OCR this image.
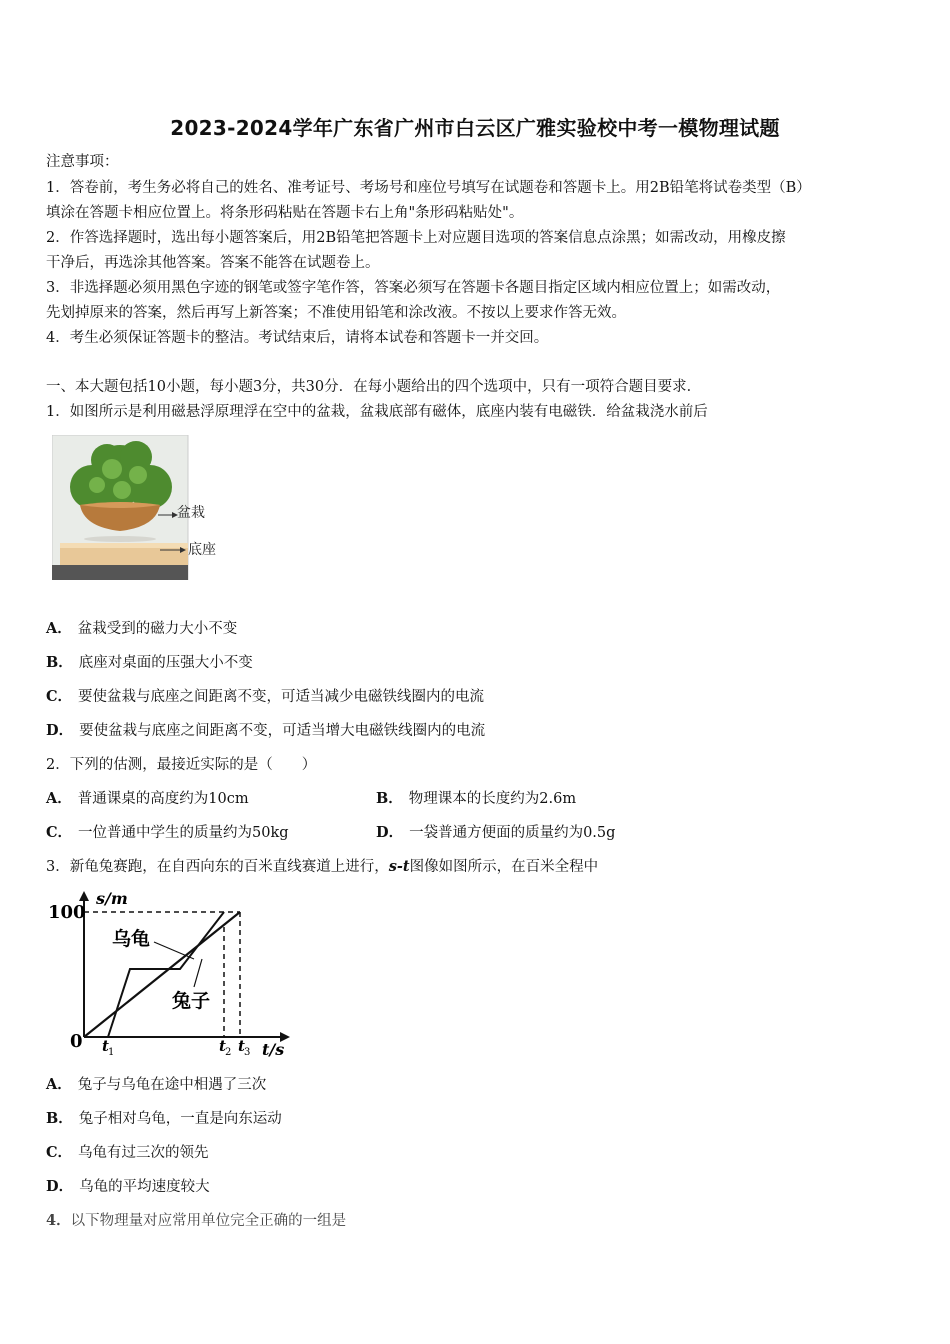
2023-2024学年广东省广州市白云区广雅实验校中考一模物理试题
注意事项：
1．答卷前，考生务必将自己的姓名、准考证号、考场号和座位号填写在试题卷和答题卡上。用2B铅笔将试卷类型（B）
填涂在答题卡相应位置上。将条形码粘贴在答题卡右上角"条形码粘贴处"。
2．作答选择题时，选出每小题答案后，用2B铅笔把答题卡上对应题目选项的答案信息点涂黑；如需改动，用橡皮擦
干净后，再选涂其他答案。答案不能答在试题卷上。
3．非选择题必须用黑色字迹的钢笔或签字笔作答，答案必须写在答题卡各题目指定区域内相应位置上；如需改动，
先划掉原来的答案，然后再写上新答案；不准使用铅笔和涂改液。不按以上要求作答无效。
4．考生必须保证答题卡的整洁。考试结束后，请将本试卷和答题卡一并交回。
一、本大题包括10小题，每小题3分，共30分．在每小题给出的四个选项中，只有一项符合题目要求．
1．如图所示是利用磁悬浮原理浮在空中的盆栽，盆栽底部有磁体，底座内装有电磁铁．给盆栽浇水前后
盆栽
底座
A． 盆栽受到的磁力大小不变
B． 底座对桌面的压强大小不变
C． 要使盆栽与底座之间距离不变，可适当减少电磁铁线圈内的电流
D． 要使盆栽与底座之间距离不变，可适当增大电磁铁线圈内的电流
2．下列的估测，最接近实际的是（　　）
A． 普通课桌的高度约为10cm	B． 物理课本的长度约为2.6m
C． 一位普通中学生的质量约为50kg	D． 一袋普通方便面的质量约为0.5g
3．新龟兔赛跑，在自西向东的百米直线赛道上进行，s-t图像如图所示，在百米全程中
100
s/m
0	t/s
乌龟
兔子
t 1	t 2 t 3
A． 兔子与乌龟在途中相遇了三次
B． 兔子相对乌龟，一直是向东运动
C． 乌龟有过三次的领先
D． 乌龟的平均速度较大
4．以下物理量对应常用单位完全正确的一组是
